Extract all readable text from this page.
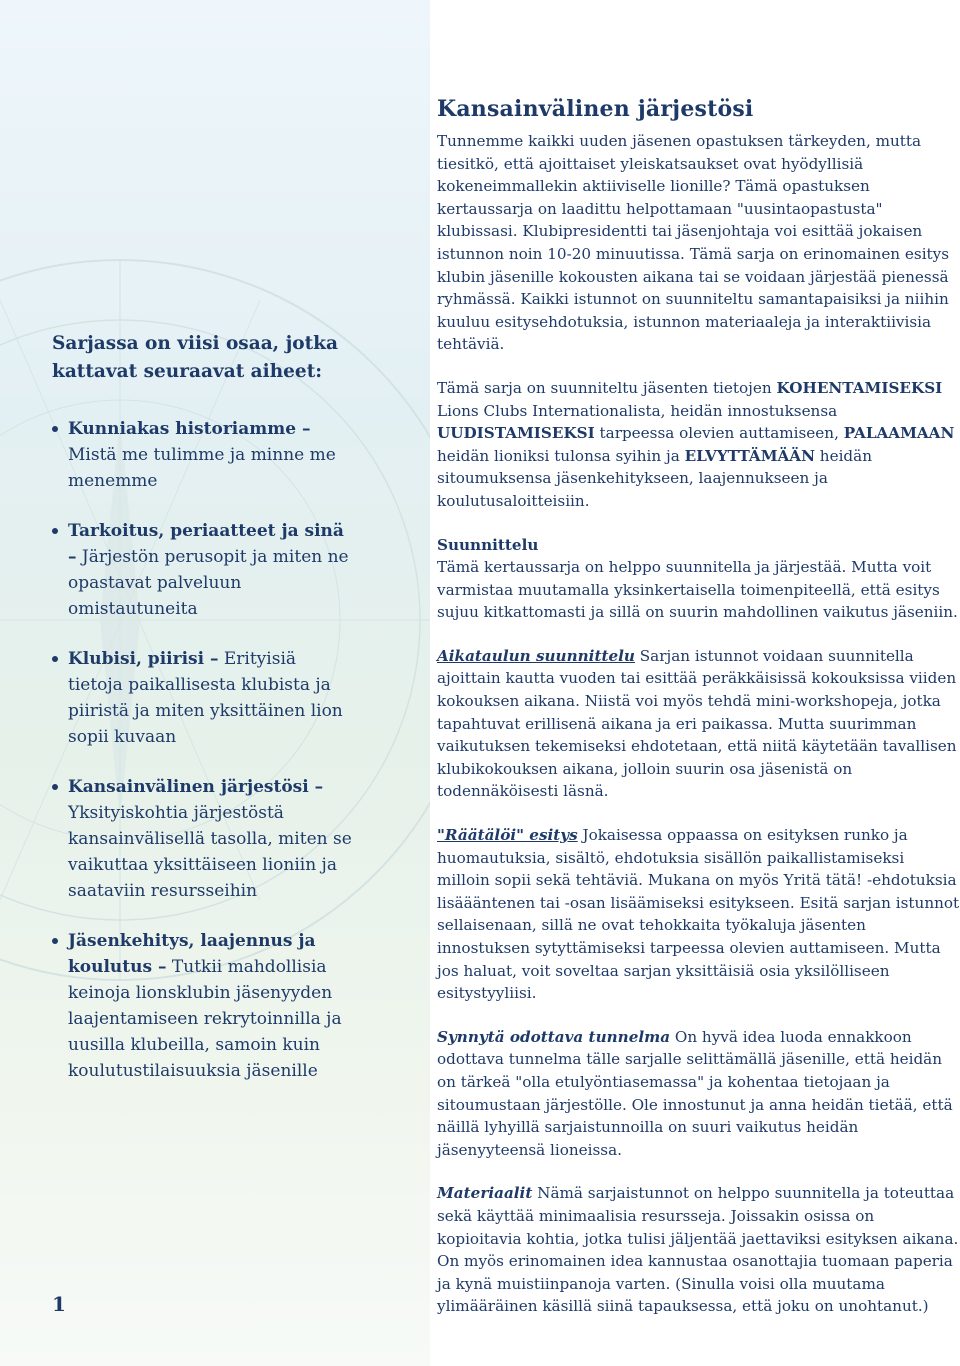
Sarjassa on viisi osaa, jotka kattavat seuraavat aiheet:

Kunniakas historiamme – Mistä me tulimme ja minne me menemme
Tarkoitus, periaatteet ja sinä – Järjestön perusopit ja miten ne opastavat palveluun omistautuneita
Klubisi, piirisi – Erityisiä tietoja paikallisesta klubista ja piiristä ja miten yksittäinen lion sopii kuvaan
Kansainvälinen järjestösi – Yksityiskohtia järjestöstä kansainvälisellä tasolla, miten se vaikuttaa yksittäiseen lioniin ja saataviin resursseihin
Jäsenkehitys, laajennus ja koulutus – Tutkii mahdollisia keinoja lionsklubin jäsenyyden laajentamiseen rekrytoinnilla ja uusilla klubeilla, samoin kuin koulutustilaisuuksia jäsenille
1
Kansainvälinen järjestösi

Tunnemme kaikki uuden jäsenen opastuksen tärkeyden, mutta tiesitkö, että ajoittaiset yleiskatsaukset ovat hyödyllisiä kokeneimmallekin aktiiviselle lionille? Tämä opastuksen kertaussarja on laadittu helpottamaan "uusintaopastusta" klubissasi. Klubipresidentti tai jäsenjohtaja voi esittää jokaisen istunnon noin 10-20 minuutissa. Tämä sarja on erinomainen esitys klubin jäsenille kokousten aikana tai se voidaan järjestää pienessä ryhmässä. Kaikki istunnot on suunniteltu samantapaisiksi ja niihin kuuluu esitysehdotuksia, istunnon materiaaleja ja interaktiivisia tehtäviä.

Tämä sarja on suunniteltu jäsenten tietojen KOHENTAMISEKSI Lions Clubs Internationalista, heidän innostuksensa UUDISTAMISEKSI tarpeessa olevien auttamiseen, PALAAMAAN heidän lioniksi tulonsa syihin ja ELVYTTÄMÄÄN heidän sitoumuksensa jäsenkehitykseen, laajennukseen ja koulutusaloitteisiin.

Suunnittelu
Tämä kertaussarja on helppo suunnitella ja järjestää. Mutta voit varmistaa muutamalla yksinkertaisella toimenpiteellä, että esitys sujuu kitkattomasti ja sillä on suurin mahdollinen vaikutus jäseniin.

Aikataulun suunnittelu Sarjan istunnot voidaan suunnitella ajoittain kautta vuoden tai esittää peräkkäisissä kokouksissa viiden kokouksen aikana. Niistä voi myös tehdä mini-workshopeja, jotka tapahtuvat erillisenä aikana ja eri paikassa. Mutta suurimman vaikutuksen tekemiseksi ehdotetaan, että niitä käytetään tavallisen klubikokouksen aikana, jolloin suurin osa jäsenistä on todennäköisesti läsnä.

"Räätälöi" esitys Jokaisessa oppaassa on esityksen runko ja huomautuksia, sisältö, ehdotuksia sisällön paikallistamiseksi milloin sopii sekä tehtäviä. Mukana on myös Yritä tätä! -ehdotuksia lisäääntenen tai -osan lisäämiseksi esitykseen. Esitä sarjan istunnot sellaisenaan, sillä ne ovat tehokkaita työkaluja jäsenten innostuksen sytyttämiseksi tarpeessa olevien auttamiseen. Mutta jos haluat, voit soveltaa sarjan yksittäisiä osia yksilölliseen esitystyyliisi.

Synnytä odottava tunnelma On hyvä idea luoda ennakkoon odottava tunnelma tälle sarjalle selittämällä jäsenille, että heidän on tärkeä "olla etulyöntiasemassa" ja kohentaa tietojaan ja sitoumustaan järjestölle. Ole innostunut ja anna heidän tietää, että näillä lyhyillä sarjaistunnoilla on suuri vaikutus heidän jäsenyyteensä lioneissa.

Materiaalit Nämä sarjaistunnot on helppo suunnitella ja toteuttaa sekä käyttää minimaalisia resursseja. Joissakin osissa on kopioitavia kohtia, jotka tulisi jäljentää jaettaviksi esityksen aikana. On myös erinomainen idea kannustaa osanottajia tuomaan paperia ja kynä muistiinpanoja varten. (Sinulla voisi olla muutama ylimääräinen käsillä siinä tapauksessa, että joku on unohtanut.)
